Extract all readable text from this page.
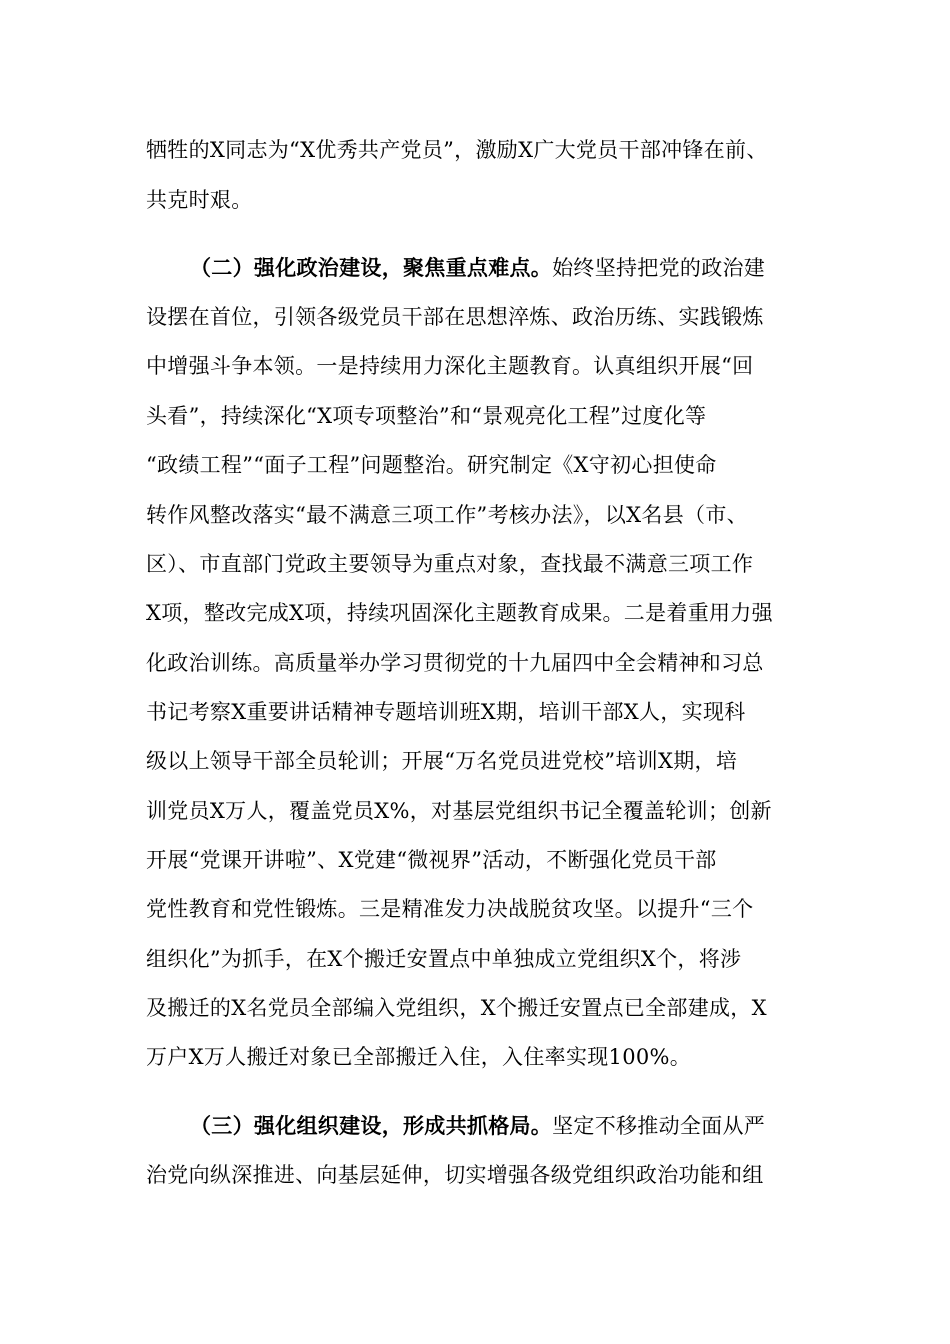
牺牲的X同志为“X优秀共产党员”，激励X广大党员干部冲锋在前、
共克时艰。
（二）强化政治建设，聚焦重点难点。始终坚持把党的政治建
设摆在首位，引领各级党员干部在思想淬炼、政治历练、实践锻炼
中增强斗争本领。一是持续用力深化主题教育。认真组织开展“回
头看”，持续深化“X项专项整治”和“景观亮化工程”过度化等
“政绩工程”“面子工程”问题整治。研究制定《X守初心担使命
转作风整改落实“最不满意三项工作”考核办法》，以X名县（市、
区）、市直部门党政主要领导为重点对象，查找最不满意三项工作
X项，整改完成X项，持续巩固深化主题教育成果。二是着重用力强
化政治训练。高质量举办学习贯彻党的十九届四中全会精神和习总
书记考察X重要讲话精神专题培训班X期，培训干部X人，实现科
级以上领导干部全员轮训；开展“万名党员进党校”培训X期，培
训党员X万人，覆盖党员X%，对基层党组织书记全覆盖轮训；创新
开展“党课开讲啦”、X党建“微视界”活动，不断强化党员干部
党性教育和党性锻炼。三是精准发力决战脱贫攻坚。以提升“三个
组织化”为抓手，在X个搬迁安置点中单独成立党组织X个，将涉
及搬迁的X名党员全部编入党组织，X个搬迁安置点已全部建成，X
万户X万人搬迁对象已全部搬迁入住，入住率实现100%。
（三）强化组织建设，形成共抓格局。坚定不移推动全面从严
治党向纵深推进、向基层延伸，切实增强各级党组织政治功能和组
